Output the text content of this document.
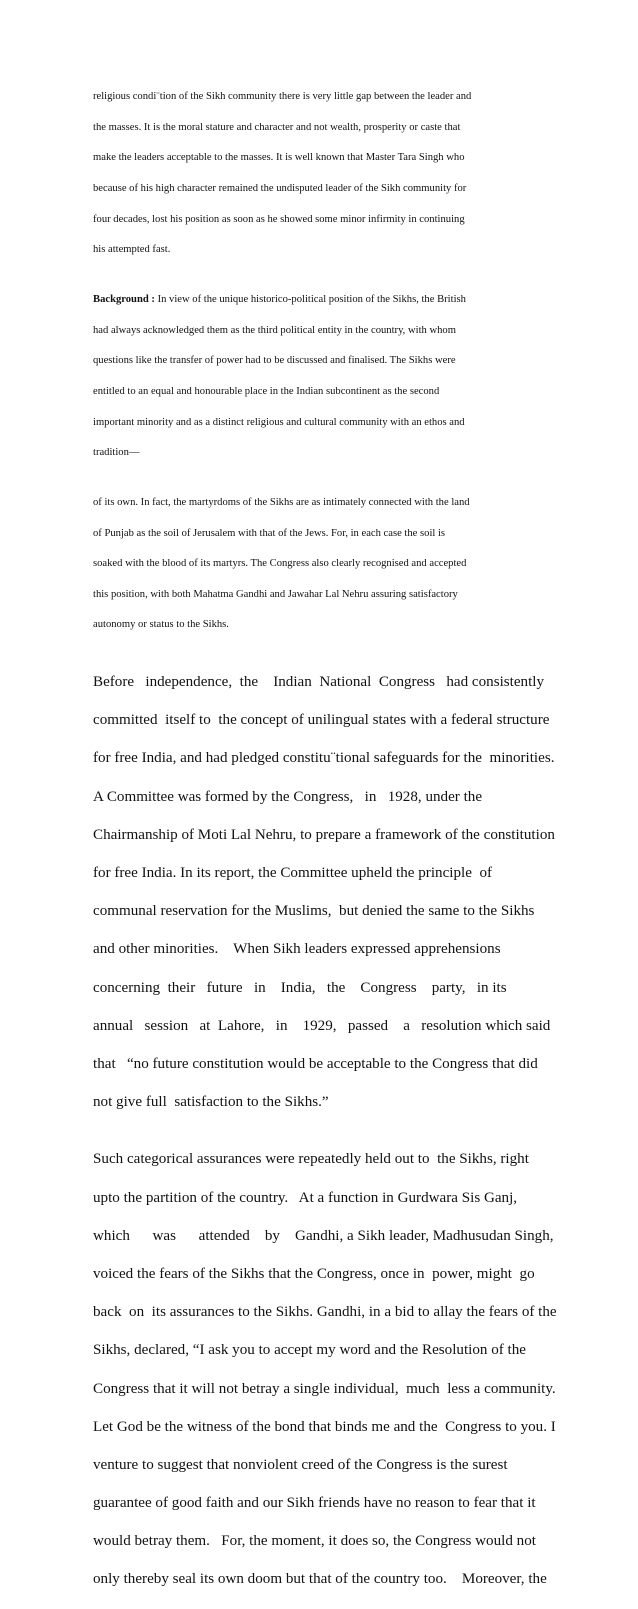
religious condi¨tion of the Sikh community there is very little gap between the leader and

the masses. It is the moral stature and character and not wealth, prosperity or caste that

make the leaders acceptable to the masses. It is well known that Master Tara Singh who

because of his high character remained the undisputed leader of the Sikh community for

four decades, lost his position as soon as he showed some minor infirmity in continuing

his attempted fast.

Background : In view of the unique historico-political position of the Sikhs, the British

had always acknowledged them as the third political entity in the country, with whom

questions like the transfer of power had to be discussed and finalised. The Sikhs were

entitled to an equal and honourable place in the Indian subcontinent as the second

important minority and as a distinct religious and cultural community with an ethos and

tradition—

of its own. In fact, the martyrdoms of the Sikhs are as intimately connected with the land

of Punjab as the soil of Jerusalem with that of the Jews. For, in each case the soil is

soaked with the blood of its martyrs. The Congress also clearly recognised and accepted

this position, with both Mahatma Gandhi and Jawahar Lal Nehru assuring satisfactory

autonomy or status to the Sikhs.

Before   independence,  the    Indian  National  Congress   had consistently

committed  itself to  the concept of unilingual states with a federal structure

for free India, and had pledged constitu¨tional safeguards for the  minorities.

A Committee was formed by the Congress,   in   1928, under the

Chairmanship of Moti Lal Nehru, to prepare a framework of the constitution

for free India. In its report, the Committee upheld the principle  of

communal reservation for the Muslims,  but denied the same to the Sikhs

and other minorities.    When Sikh leaders expressed apprehensions

concerning  their   future   in    India,   the    Congress    party,   in its

annual   session   at  Lahore,   in    1929,   passed    a   resolution which said

that   “no future constitution would be acceptable to the Congress that did

not give full  satisfaction to the Sikhs.”

Such categorical assurances were repeatedly held out to  the Sikhs, right

upto the partition of the country.   At a function in Gurdwara Sis Ganj,

which      was      attended    by    Gandhi, a Sikh leader, Madhusudan Singh,

voiced the fears of the Sikhs that the Congress, once in  power, might  go

back  on  its assurances to the Sikhs. Gandhi, in a bid to allay the fears of the

Sikhs, declared, “I ask you to accept my word and the Resolution of the

Congress that it will not betray a single individual,  much  less a community.

Let God be the witness of the bond that binds me and the  Congress to you. I

venture to suggest that nonviolent creed of the Congress is the surest

guarantee of good faith and our Sikh friends have no reason to fear that it

would betray them.   For, the moment, it does so, the Congress would not

only thereby seal its own doom but that of the country too.    Moreover, the
